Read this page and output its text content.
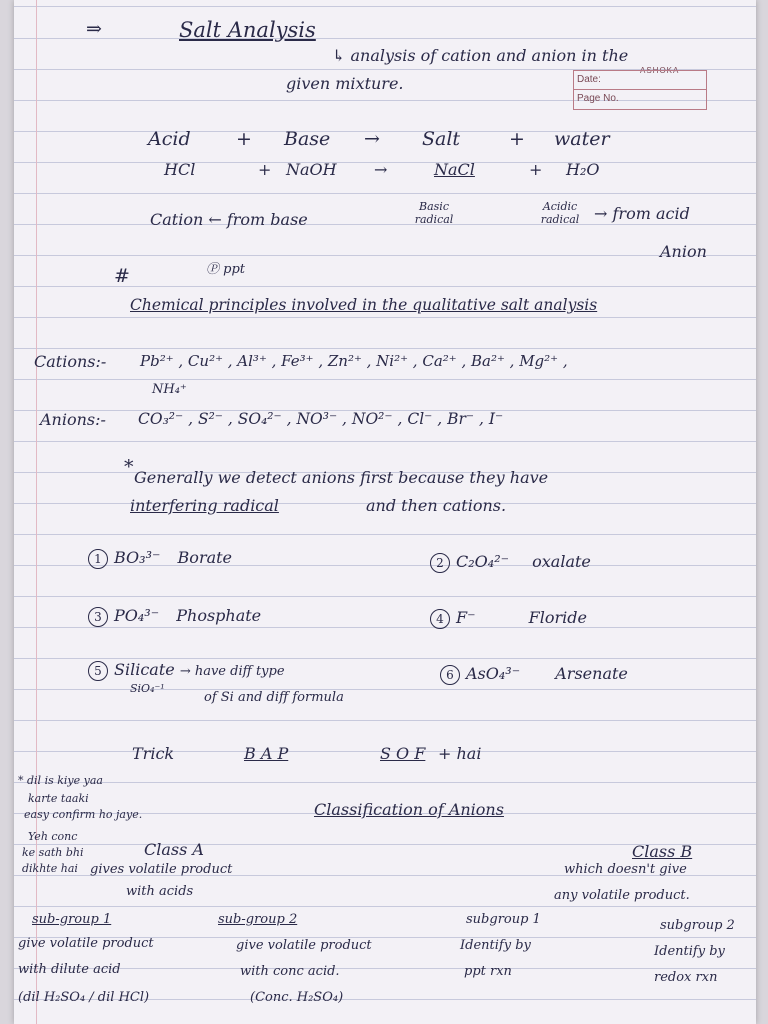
⇒	Salt Analysis
↳ analysis of cation and anion in the
given mixture.
ASHOKA
Date:
Page No.
Acid + Base → Salt	+ water
HCl	+ NaOH →	NaCl	+ H₂O
Basic radical
Acidic radical
Cation ← from base	→ from acid
Anion
Ⓟ ppt
#
Chemical principles involved in the qualitative salt analysis
Cations:- Pb²⁺ , Cu²⁺ , Al³⁺ , Fe³⁺ , Zn²⁺ , Ni²⁺ , Ca²⁺ , Ba²⁺ , Mg²⁺ ,
NH₄⁺
Anions:- CO₃²⁻ , S²⁻ , SO₄²⁻ , NO³⁻ , NO²⁻ , Cl⁻ , Br⁻ , I⁻
* Generally we detect anions first because they have
interfering radical	and then cations.
1 BO₃³⁻ Borate	2 C₂O₄²⁻ oxalate
3 PO₄³⁻ Phosphate	4 F⁻	Floride
5 Silicate → have diff type
SiO₄⁻¹
of Si and diff formula
6 AsO₄³⁻ Arsenate
Trick	B A P	S O F + hai
* dil is kiye yaa
karte taaki
easy confirm ho jaye.
Yeh conc
ke sath bhi
dikhte hai
Classification of Anions
Class A
gives volatile product
with acids
Class B
which doesn't give
any volatile product.
sub-group 1
give volatile product
with dilute acid
(dil H₂SO₄ / dil HCl)
sub-group 2
give volatile product
with conc acid.
(Conc. H₂SO₄)
subgroup 1
Identify by
ppt rxn
subgroup 2
Identify by
redox rxn
